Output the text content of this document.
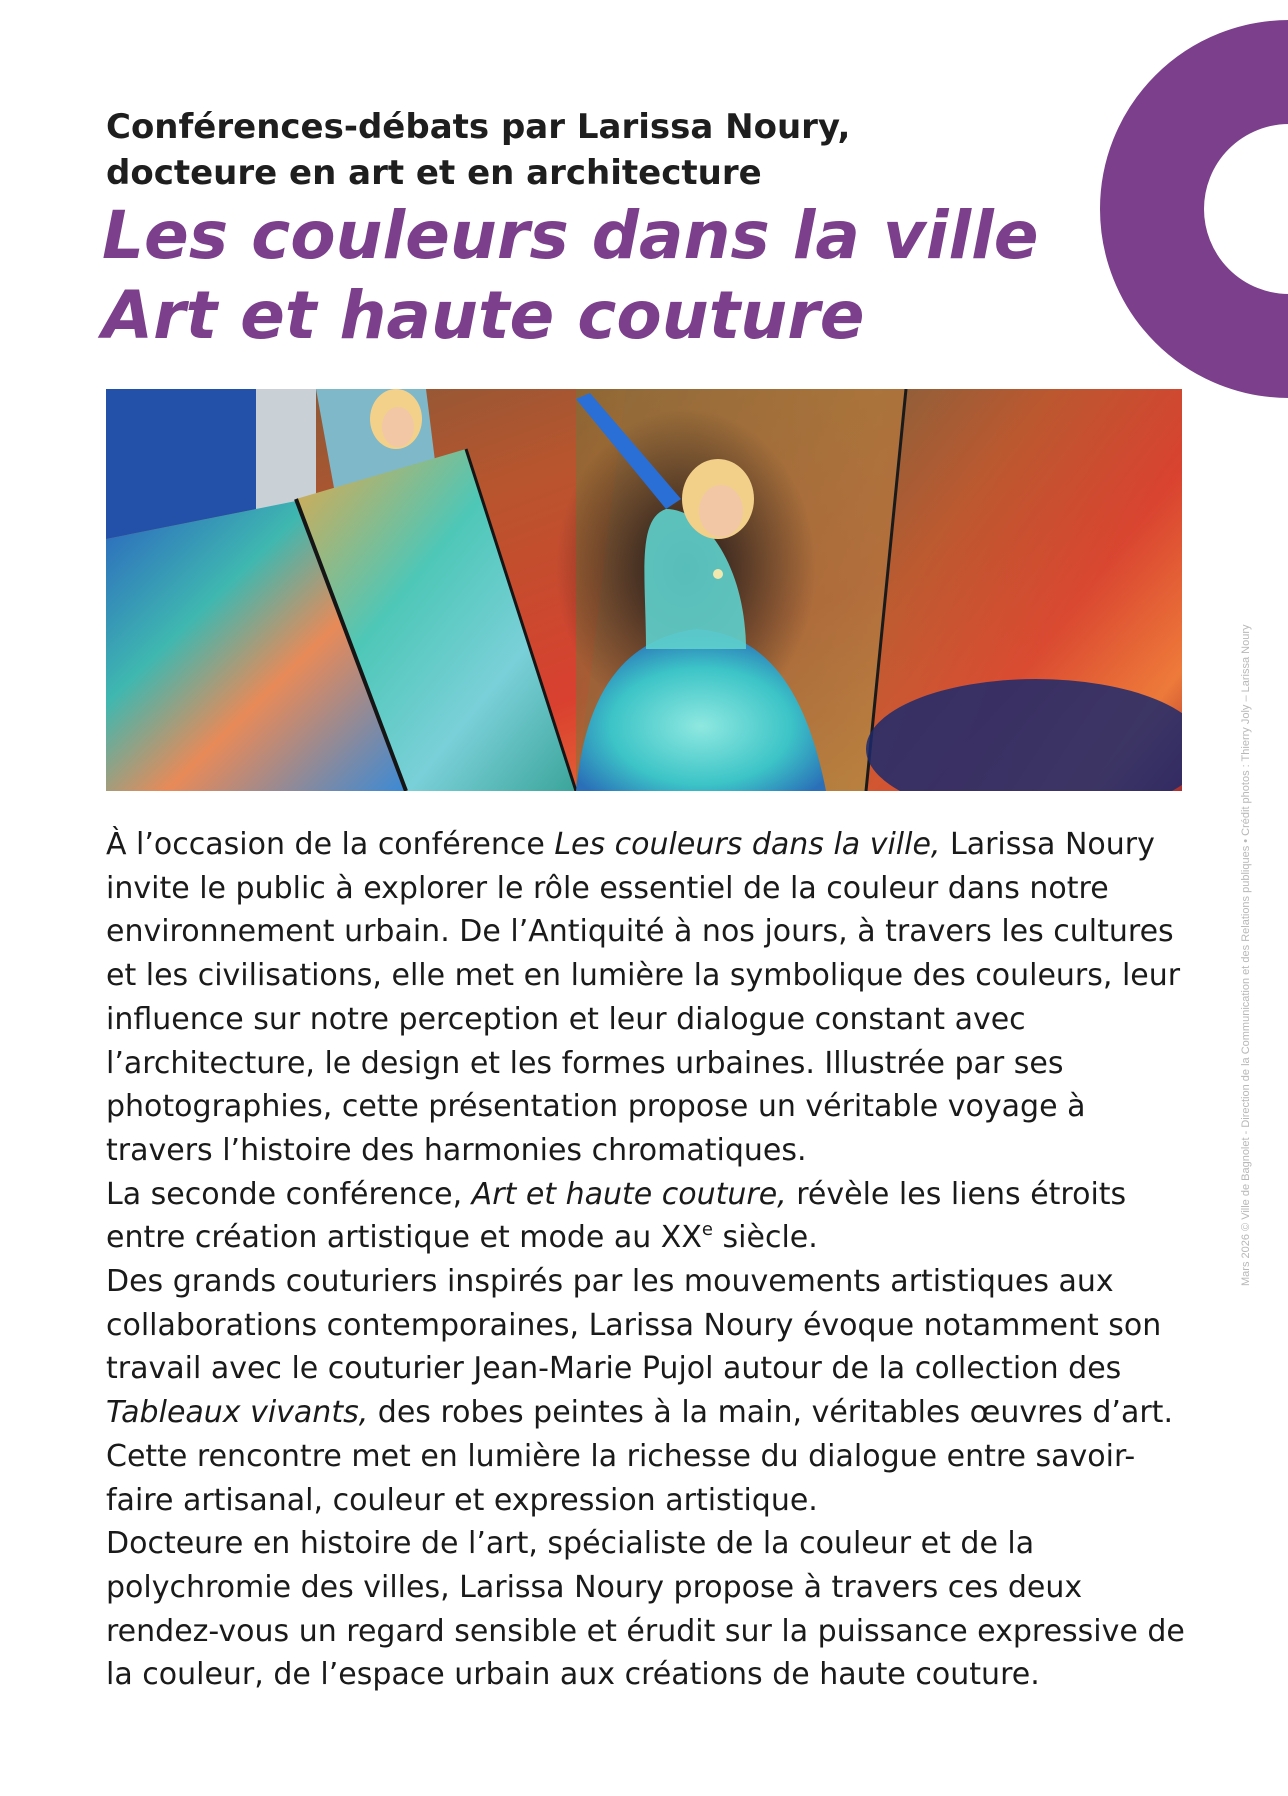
Conférences-débats par Larissa Noury,
docteure en art et en architecture
Les couleurs dans la ville
Art et haute couture
Mars 2026 © Ville de Bagnolet - Direction de la Communication et des Relations publiques • Crédit photos : Thierry Joly – Larissa Noury
À l’occasion de la conférence Les couleurs dans la ville, Larissa Noury invite le public à explorer le rôle essentiel de la couleur dans notre environnement urbain. De l’Antiquité à nos jours, à travers les cultures et les civilisations, elle met en lumière la symbolique des couleurs, leur influence sur notre perception et leur dialogue constant avec l’architecture, le design et les formes urbaines. Illustrée par ses photographies, cette présentation propose un véritable voyage à travers l’histoire des harmonies chromatiques.
La seconde conférence, Art et haute couture, révèle les liens étroits entre création artistique et mode au XXe siècle.
Des grands couturiers inspirés par les mouvements artistiques aux collaborations contemporaines, Larissa Noury évoque notamment son travail avec le couturier Jean-Marie Pujol autour de la collection des Tableaux vivants, des robes peintes à la main, véritables œuvres d’art. Cette rencontre met en lumière la richesse du dialogue entre savoir-faire artisanal, couleur et expression artistique.
Docteure en histoire de l’art, spécialiste de la couleur et de la polychromie des villes, Larissa Noury propose à travers ces deux rendez-vous un regard sensible et érudit sur la puissance expressive de la couleur, de l’espace urbain aux créations de haute couture.
